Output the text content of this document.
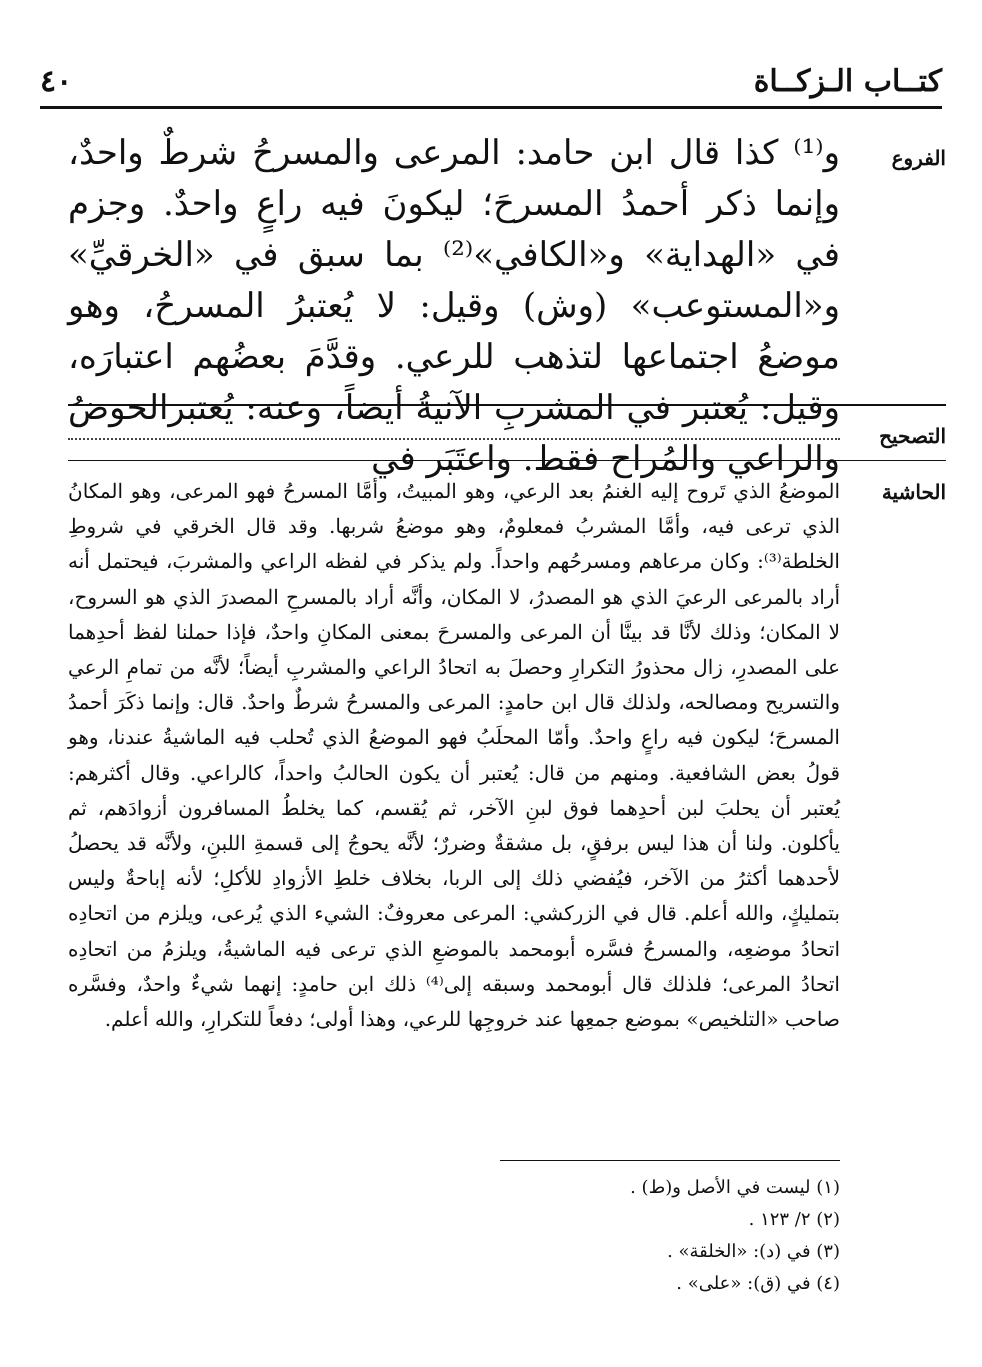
كتــاب الـزكــاة
٤٠
الفروع

و⁽¹⁾ كذا قال ابن حامد: المرعى والمسرحُ شرطٌ واحدٌ، وإنما ذكر أحمدُ المسرحَ؛ ليكونَ فيه راعٍ واحدٌ. وجزم في «الهداية» و«الكافي»⁽²⁾ بما سبق في «الخرقيِّ» و«المستوعب» (وش) وقيل: لا يُعتبرُ المسرحُ، وهو موضعُ اجتماعها لتذهب للرعي. وقدَّمَ بعضُهم اعتبارَه، وقيل: يُعتبر في المشربِ الآنيةُ أيضاً، وعنه: يُعتبرالحوضُ والراعي والمُراح فقط. واعتَبَر في

التصحيح
الحاشية

الموضعُ الذي تَروح إليه الغنمُ بعد الرعي، وهو المبيتُ، وأمَّا المسرحُ فهو المرعى، وهو المكانُ الذي ترعى فيه، وأمَّا المشربُ فمعلومٌ، وهو موضعُ شربها. وقد قال الخرقي في شروطِ الخلطة⁽³⁾: وكان مرعاهم ومسرحُهم واحداً. ولم يذكر في لفظه الراعي والمشربَ، فيحتمل أنه أراد بالمرعى الرعيَ الذي هو المصدرُ، لا المكان، وأنَّه أراد بالمسرحِ المصدرَ الذي هو السروح، لا المكان؛ وذلك لأنَّا قد بينَّا أن المرعى والمسرحَ بمعنى المكانِ واحدٌ، فإذا حملنا لفظ أحدِهما على المصدرِ، زال محذورُ التكرارِ وحصلَ به اتحادُ الراعي والمشربِ أيضاً؛ لأنَّه من تمامِ الرعي والتسريح ومصالحه، ولذلك قال ابن حامدٍ: المرعى والمسرحُ شرطٌ واحدٌ. قال: وإنما ذكَرَ أحمدُ المسرحَ؛ ليكون فيه راعٍ واحدٌ. وأمّا المحلَبُ فهو الموضعُ الذي تُحلب فيه الماشيةُ عندنا، وهو قولُ بعض الشافعية. ومنهم من قال: يُعتبر أن يكون الحالبُ واحداً، كالراعي. وقال أكثرهم: يُعتبر أن يحلبَ لبن أحدِهما فوق لبنِ الآخر، ثم يُقسم، كما يخلطُ المسافرون أزوادَهم، ثم يأكلون. ولنا أن هذا ليس برفقٍ، بل مشقةٌ وضررٌ؛ لأنَّه يحوجُ إلى قسمةِ اللبنِ، ولأنَّه قد يحصلُ لأحدهما أكثرُ من الآخر، فيُفضي ذلك إلى الربا، بخلاف خلطِ الأزوادِ للأكلِ؛ لأنه إباحةٌ وليس بتمليكٍ، والله أعلم. قال في الزركشي: المرعى معروفٌ: الشيء الذي يُرعى، ويلزم من اتحادِه اتحادُ موضعِه، والمسرحُ فسَّره أبومحمد بالموضعِ الذي ترعى فيه الماشيةُ، ويلزمُ من اتحادِه اتحادُ المرعى؛ فلذلك قال أبومحمد وسبقه إلى⁽⁴⁾ ذلك ابن حامدٍ: إنهما شيءٌ واحدٌ، وفسَّره صاحب «التلخيص» بموضع جمعِها عند خروجِها للرعي، وهذا أولى؛ دفعاً للتكرارِ، والله أعلم.

(١) ليست في الأصل و(ط) .

(٢) ٢/ ١٢٣ .

(٣) في (د): «الخلقة» .

(٤) في (ق): «على» .
